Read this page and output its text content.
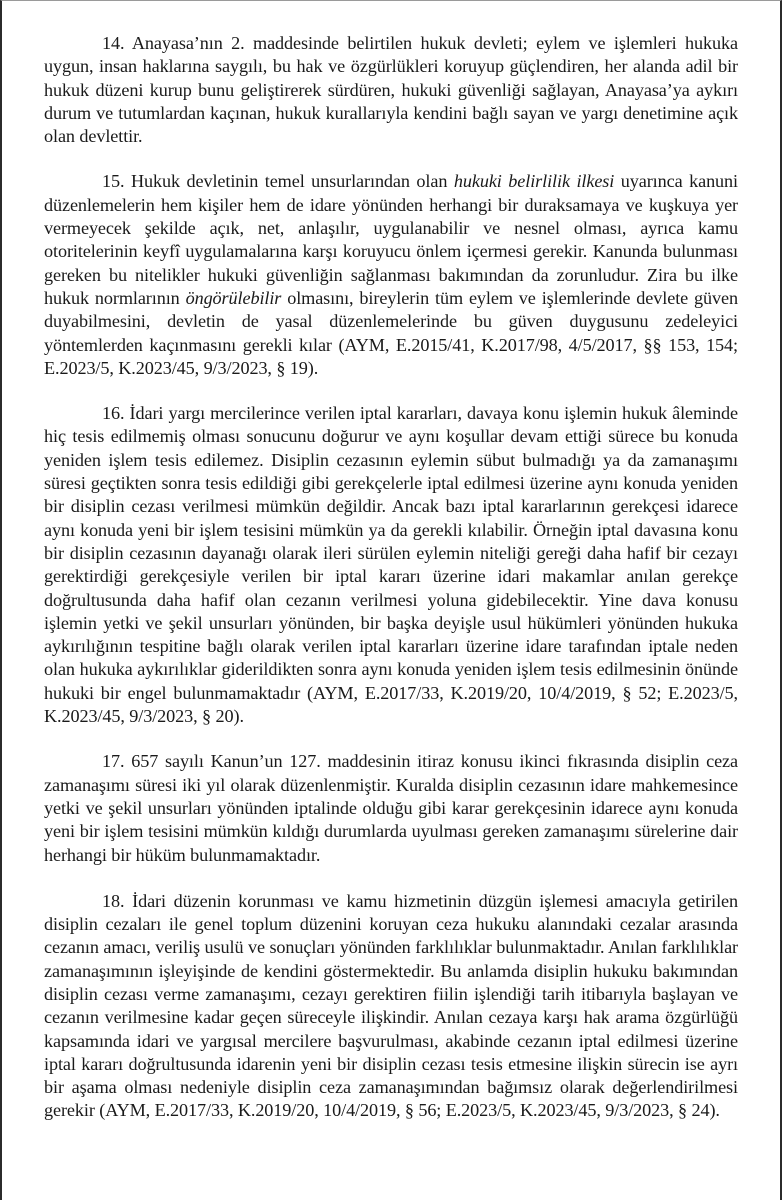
14. Anayasa’nın 2. maddesinde belirtilen hukuk devleti; eylem ve işlemleri hukuka uygun, insan haklarına saygılı, bu hak ve özgürlükleri koruyup güçlendiren, her alanda adil bir hukuk düzeni kurup bunu geliştirerek sürdüren, hukuki güvenliği sağlayan, Anayasa’ya aykırı durum ve tutumlardan kaçınan, hukuk kurallarıyla kendini bağlı sayan ve yargı denetimine açık olan devlettir.

15. Hukuk devletinin temel unsurlarından olan hukuki belirlilik ilkesi uyarınca kanuni düzenlemelerin hem kişiler hem de idare yönünden herhangi bir duraksamaya ve kuşkuya yer vermeyecek şekilde açık, net, anlaşılır, uygulanabilir ve nesnel olması, ayrıca kamu otoritelerinin keyfî uygulamalarına karşı koruyucu önlem içermesi gerekir. Kanunda bulunması gereken bu nitelikler hukuki güvenliğin sağlanması bakımından da zorunludur. Zira bu ilke hukuk normlarının öngörülebilir olmasını, bireylerin tüm eylem ve işlemlerinde devlete güven duyabilmesini, devletin de yasal düzenlemelerinde bu güven duygusunu zedeleyici yöntemlerden kaçınmasını gerekli kılar (AYM, E.2015/41, K.2017/98, 4/5/2017, §§ 153, 154; E.2023/5, K.2023/45, 9/3/2023, § 19).

16. İdari yargı mercilerince verilen iptal kararları, davaya konu işlemin hukuk âleminde hiç tesis edilmemiş olması sonucunu doğurur ve aynı koşullar devam ettiği sürece bu konuda yeniden işlem tesis edilemez. Disiplin cezasının eylemin sübut bulmadığı ya da zamanaşımı süresi geçtikten sonra tesis edildiği gibi gerekçelerle iptal edilmesi üzerine aynı konuda yeniden bir disiplin cezası verilmesi mümkün değildir. Ancak bazı iptal kararlarının gerekçesi idarece aynı konuda yeni bir işlem tesisini mümkün ya da gerekli kılabilir. Örneğin iptal davasına konu bir disiplin cezasının dayanağı olarak ileri sürülen eylemin niteliği gereği daha hafif bir cezayı gerektirdiği gerekçesiyle verilen bir iptal kararı üzerine idari makamlar anılan gerekçe doğrultusunda daha hafif olan cezanın verilmesi yoluna gidebilecektir. Yine dava konusu işlemin yetki ve şekil unsurları yönünden, bir başka deyişle usul hükümleri yönünden hukuka aykırılığının tespitine bağlı olarak verilen iptal kararları üzerine idare tarafından iptale neden olan hukuka aykırılıklar giderildikten sonra aynı konuda yeniden işlem tesis edilmesinin önünde hukuki bir engel bulunmamaktadır (AYM, E.2017/33, K.2019/20, 10/4/2019, § 52; E.2023/5, K.2023/45, 9/3/2023, § 20).

17. 657 sayılı Kanun’un 127. maddesinin itiraz konusu ikinci fıkrasında disiplin ceza zamanaşımı süresi iki yıl olarak düzenlenmiştir. Kuralda disiplin cezasının idare mahkemesince yetki ve şekil unsurları yönünden iptalinde olduğu gibi karar gerekçesinin idarece aynı konuda yeni bir işlem tesisini mümkün kıldığı durumlarda uyulması gereken zamanaşımı sürelerine dair herhangi bir hüküm bulunmamaktadır.

18. İdari düzenin korunması ve kamu hizmetinin düzgün işlemesi amacıyla getirilen disiplin cezaları ile genel toplum düzenini koruyan ceza hukuku alanındaki cezalar arasında cezanın amacı, veriliş usulü ve sonuçları yönünden farklılıklar bulunmaktadır. Anılan farklılıklar zamanaşımının işleyişinde de kendini göstermektedir. Bu anlamda disiplin hukuku bakımından disiplin cezası verme zamanaşımı, cezayı gerektiren fiilin işlendiği tarih itibarıyla başlayan ve cezanın verilmesine kadar geçen süreceyle ilişkindir. Anılan cezaya karşı hak arama özgürlüğü kapsamında idari ve yargısal mercilere başvurulması, akabinde cezanın iptal edilmesi üzerine iptal kararı doğrultusunda idarenin yeni bir disiplin cezası tesis etmesine ilişkin sürecin ise ayrı bir aşama olması nedeniyle disiplin ceza zamanaşımından bağımsız olarak değerlendirilmesi gerekir (AYM, E.2017/33, K.2019/20, 10/4/2019, § 56; E.2023/5, K.2023/45, 9/3/2023, § 24).
